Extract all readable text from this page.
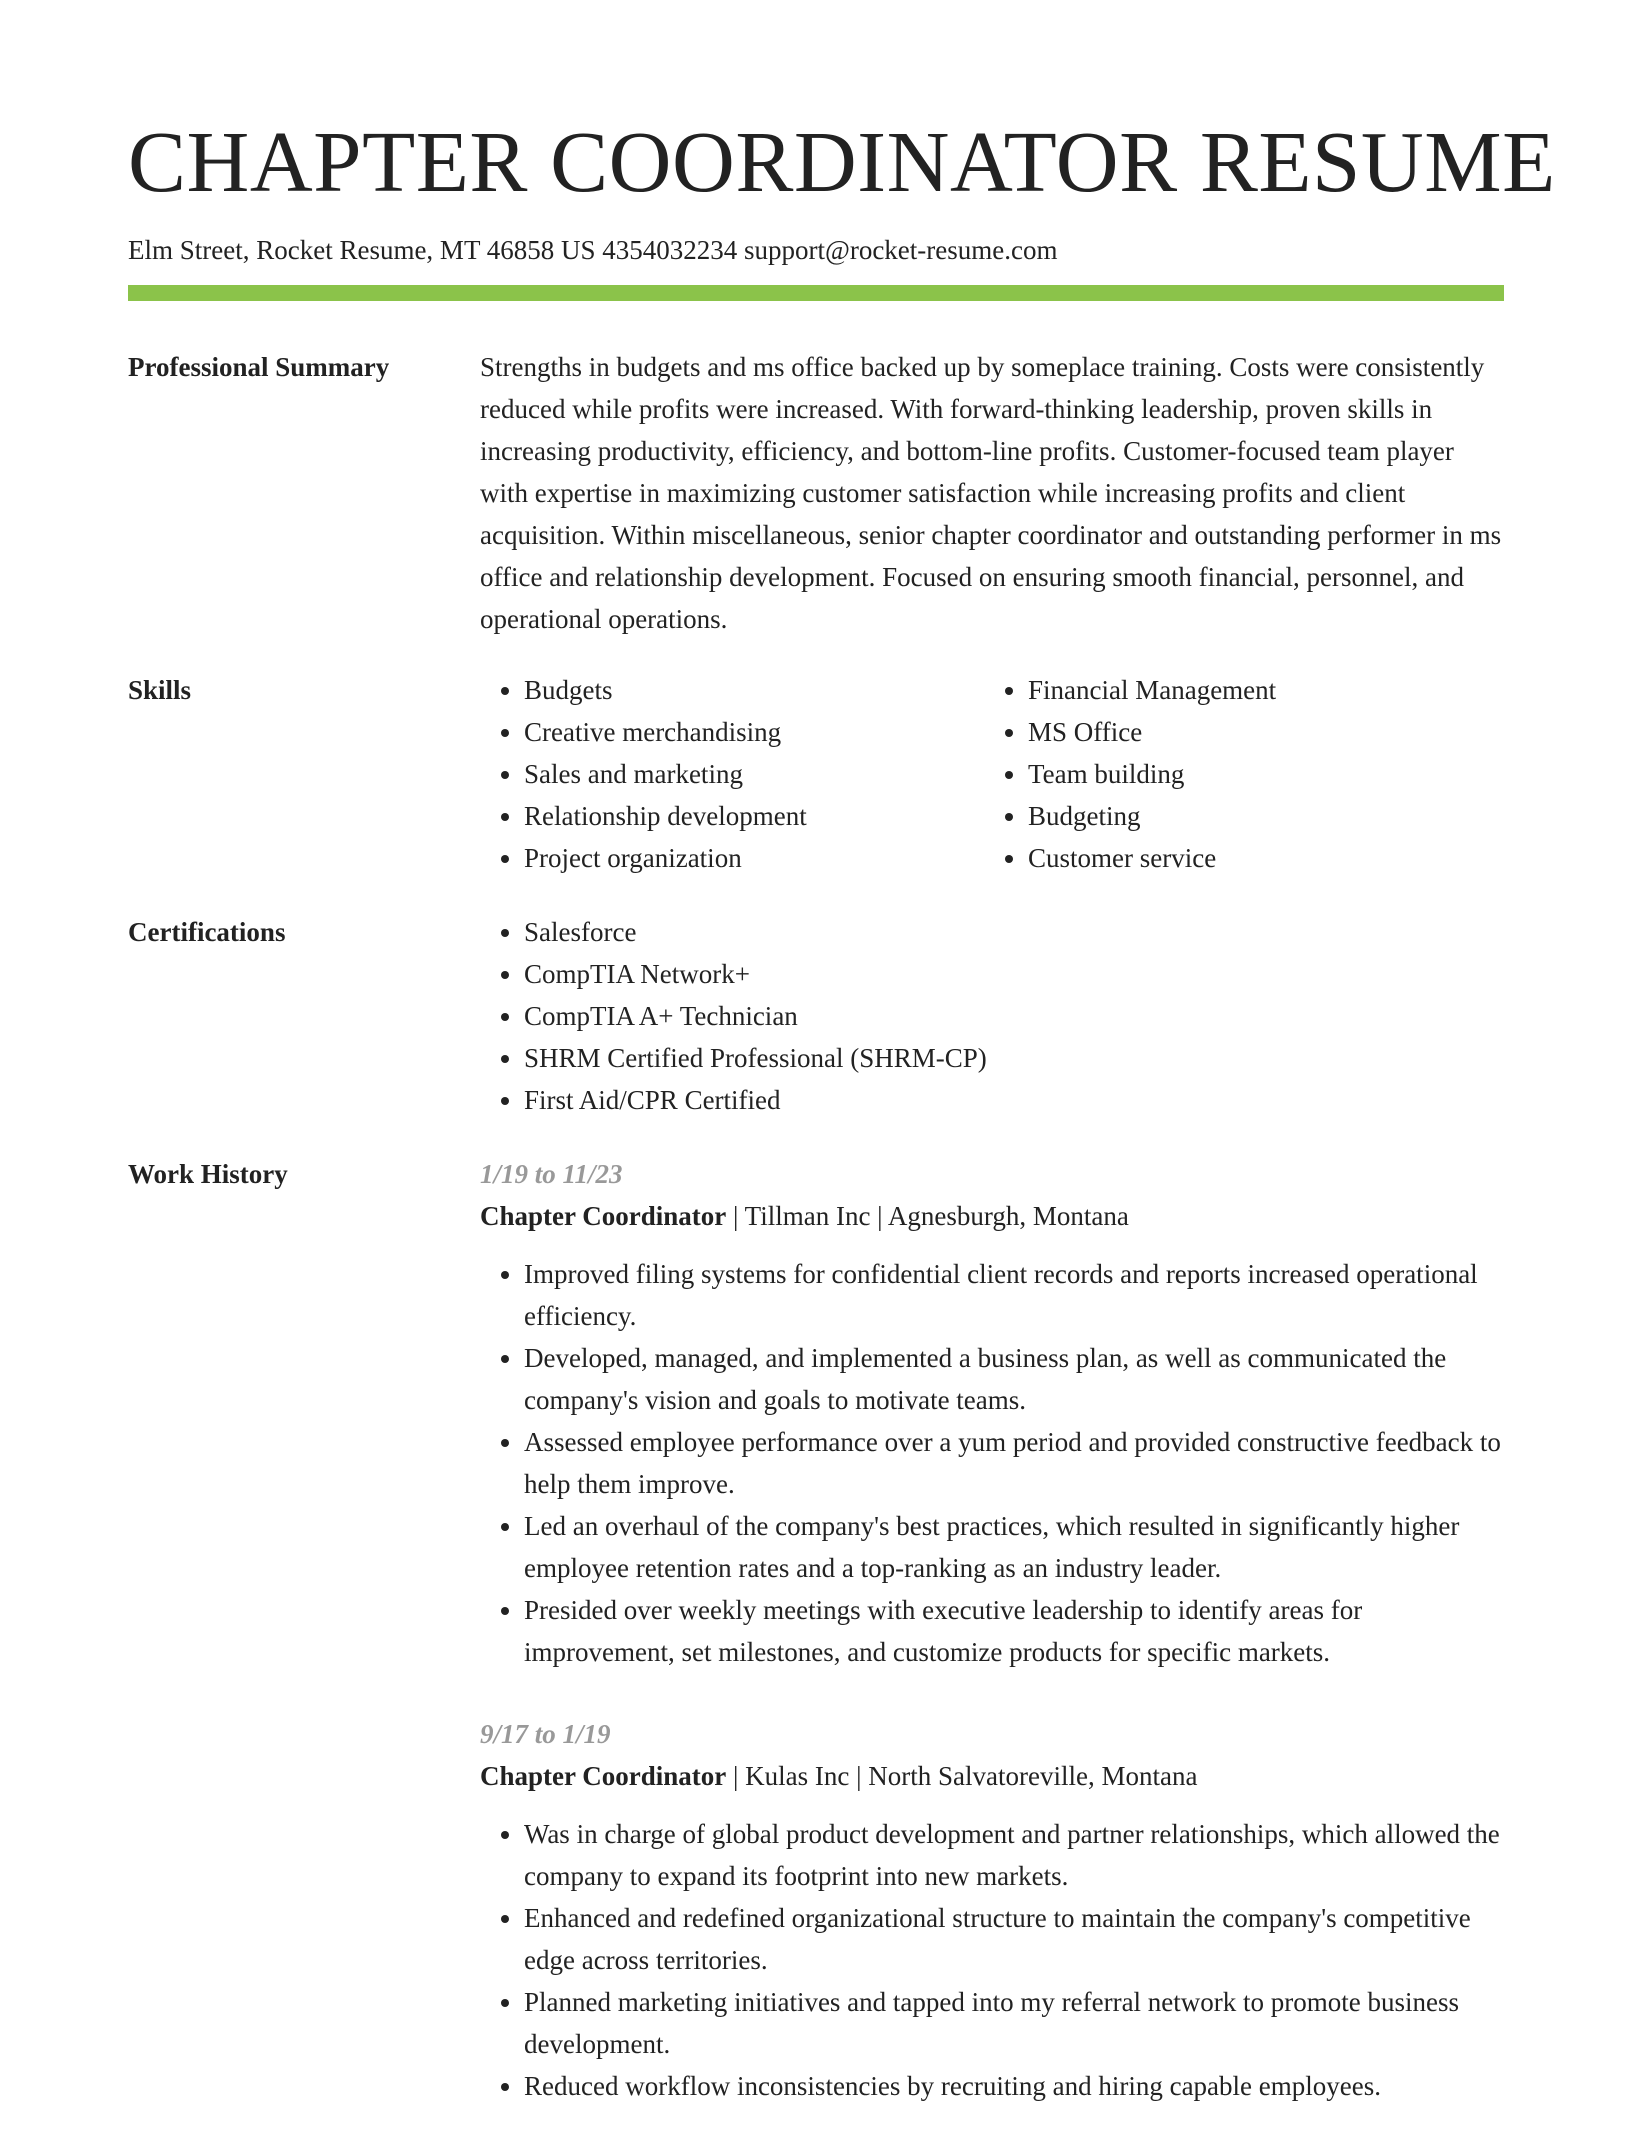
CHAPTER COORDINATOR RESUME
Elm Street, Rocket Resume, MT 46858 US 4354032234 support@rocket-resume.com
Professional Summary	Strengths in budgets and ms office backed up by someplace training. Costs were consistently reduced while profits were increased. With forward-thinking leadership, proven skills in increasing productivity, efficiency, and bottom-line profits. Customer-focused team player with expertise in maximizing customer satisfaction while increasing profits and client acquisition. Within miscellaneous, senior chapter coordinator and outstanding performer in ms office and relationship development. Focused on ensuring smooth financial, personnel, and operational operations.

Skills	• Budgets
• Creative merchandising
• Sales and marketing
• Relationship development
• Project organization
• Financial Management
• MS Office
• Team building
• Budgeting
• Customer service
Certifications	• Salesforce
• CompTIA Network+
• CompTIA A+ Technician
• SHRM Certified Professional (SHRM-CP)
• First Aid/CPR Certified
Work History	1/19 to 11/23

Chapter Coordinator | Tillman Inc | Agnesburgh, Montana

• Improved filing systems for confidential client records and reports increased operational efficiency.
• Developed, managed, and implemented a business plan, as well as communicated the company's vision and goals to motivate teams.
• Assessed employee performance over a yum period and provided constructive feedback to help them improve.
• Led an overhaul of the company's best practices, which resulted in significantly higher employee retention rates and a top-ranking as an industry leader.
• Presided over weekly meetings with executive leadership to identify areas for improvement, set milestones, and customize products for specific markets.

9/17 to 1/19

Chapter Coordinator | Kulas Inc | North Salvatoreville, Montana

• Was in charge of global product development and partner relationships, which allowed the company to expand its footprint into new markets.
• Enhanced and redefined organizational structure to maintain the company's competitive edge across territories.
• Planned marketing initiatives and tapped into my referral network to promote business development.
• Reduced workflow inconsistencies by recruiting and hiring capable employees.
